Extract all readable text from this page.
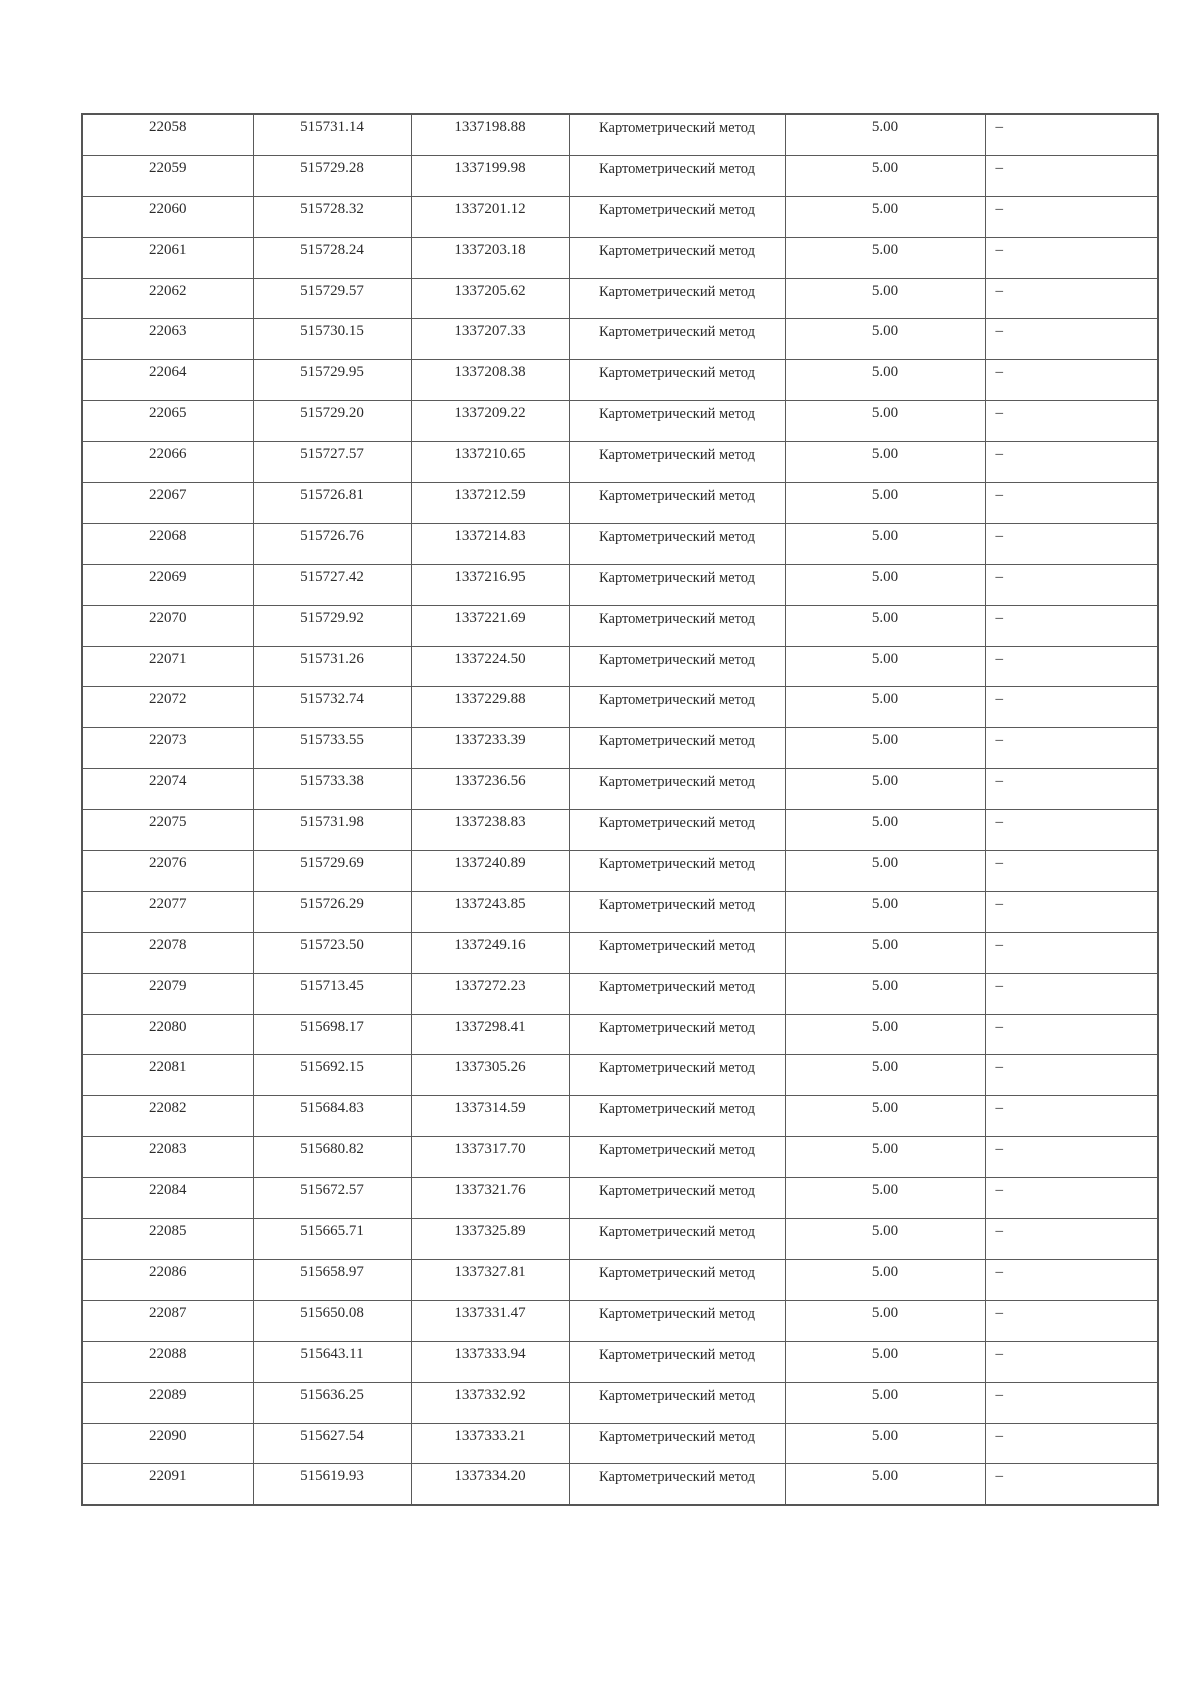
22058	515731.14	1337198.88	Картометрический метод	5.00	–

22059	515729.28	1337199.98	Картометрический метод	5.00	–

22060	515728.32	1337201.12	Картометрический метод	5.00	–

22061	515728.24	1337203.18	Картометрический метод	5.00	–

22062	515729.57	1337205.62	Картометрический метод	5.00	–

22063	515730.15	1337207.33	Картометрический метод	5.00	–

22064	515729.95	1337208.38	Картометрический метод	5.00	–

22065	515729.20	1337209.22	Картометрический метод	5.00	–

22066	515727.57	1337210.65	Картометрический метод	5.00	–

22067	515726.81	1337212.59	Картометрический метод	5.00	–

22068	515726.76	1337214.83	Картометрический метод	5.00	–

22069	515727.42	1337216.95	Картометрический метод	5.00	–

22070	515729.92	1337221.69	Картометрический метод	5.00	–

22071	515731.26	1337224.50	Картометрический метод	5.00	–

22072	515732.74	1337229.88	Картометрический метод	5.00	–

22073	515733.55	1337233.39	Картометрический метод	5.00	–

22074	515733.38	1337236.56	Картометрический метод	5.00	–

22075	515731.98	1337238.83	Картометрический метод	5.00	–

22076	515729.69	1337240.89	Картометрический метод	5.00	–

22077	515726.29	1337243.85	Картометрический метод	5.00	–

22078	515723.50	1337249.16	Картометрический метод	5.00	–

22079	515713.45	1337272.23	Картометрический метод	5.00	–

22080	515698.17	1337298.41	Картометрический метод	5.00	–

22081	515692.15	1337305.26	Картометрический метод	5.00	–

22082	515684.83	1337314.59	Картометрический метод	5.00	–

22083	515680.82	1337317.70	Картометрический метод	5.00	–

22084	515672.57	1337321.76	Картометрический метод	5.00	–

22085	515665.71	1337325.89	Картометрический метод	5.00	–

22086	515658.97	1337327.81	Картометрический метод	5.00	–

22087	515650.08	1337331.47	Картометрический метод	5.00	–

22088	515643.11	1337333.94	Картометрический метод	5.00	–

22089	515636.25	1337332.92	Картометрический метод	5.00	–

22090	515627.54	1337333.21	Картометрический метод	5.00	–

22091	515619.93	1337334.20	Картометрический метод	5.00	–
